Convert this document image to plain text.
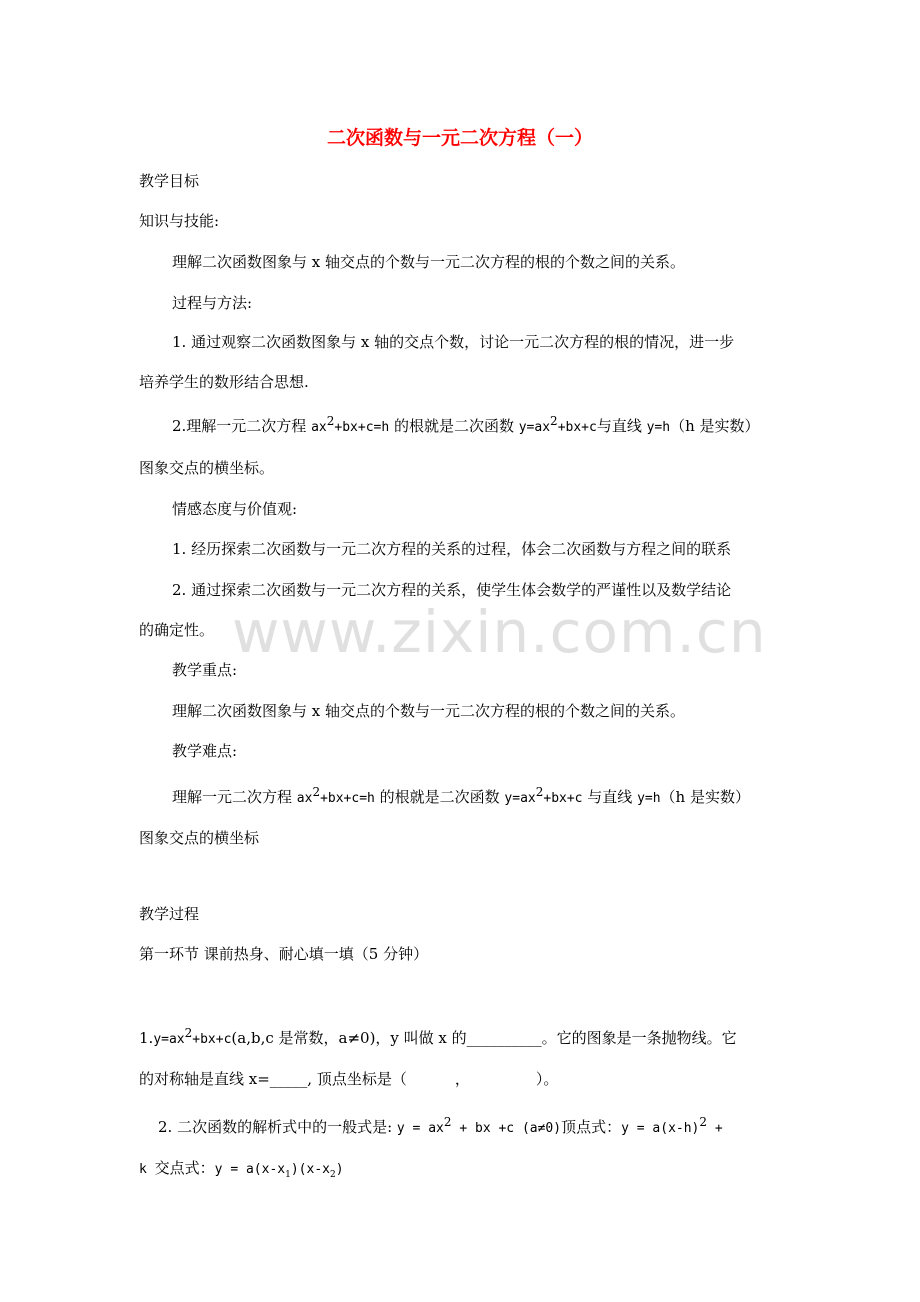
二次函数与一元二次方程（一）
教学目标
知识与技能:
理解二次函数图象与 x 轴交点的个数与一元二次方程的根的个数之间的关系。
过程与方法:
1. 通过观察二次函数图象与 x 轴的交点个数，讨论一元二次方程的根的情况，进一步
培养学生的数形结合思想.
2.理解一元二次方程 $ax^2+bx+c=h$ 的根就是二次函数 $y=ax^2+bx+c$与直线 y=h（h 是实数）
图象交点的横坐标。
情感态度与价值观:
1. 经历探索二次函数与一元二次方程的关系的过程，体会二次函数与方程之间的联系
2. 通过探索二次函数与一元二次方程的关系，使学生体会数学的严谨性以及数学结论
的确定性。 www.zixin.com.cn
教学重点:
理解二次函数图象与 x 轴交点的个数与一元二次方程的根的个数之间的关系。
教学难点:
理解一元二次方程 $ax^2+bx+c=h$ 的根就是二次函数 $y=ax^2+bx+c$ 与直线 y=h（h 是实数）
图象交点的横坐标
教学过程
第一环节 课前热身、耐心填一填（5 分钟）
$1.y=ax^2+bx+c(a,b,c$ 是常数，a≠0)，y 叫做 x 的__________。它的图象是一条抛物线。它
的对称轴是直线 x=_____, 顶点坐标是（	，	）。
2. 二次函数的解析式中的一般式是: $y = ax^2$ + bx +c (a≠0)顶点式：$y = a(x-h)^2$ +
k 交点式：$y = a(x-x_1)(x-x_2)$
